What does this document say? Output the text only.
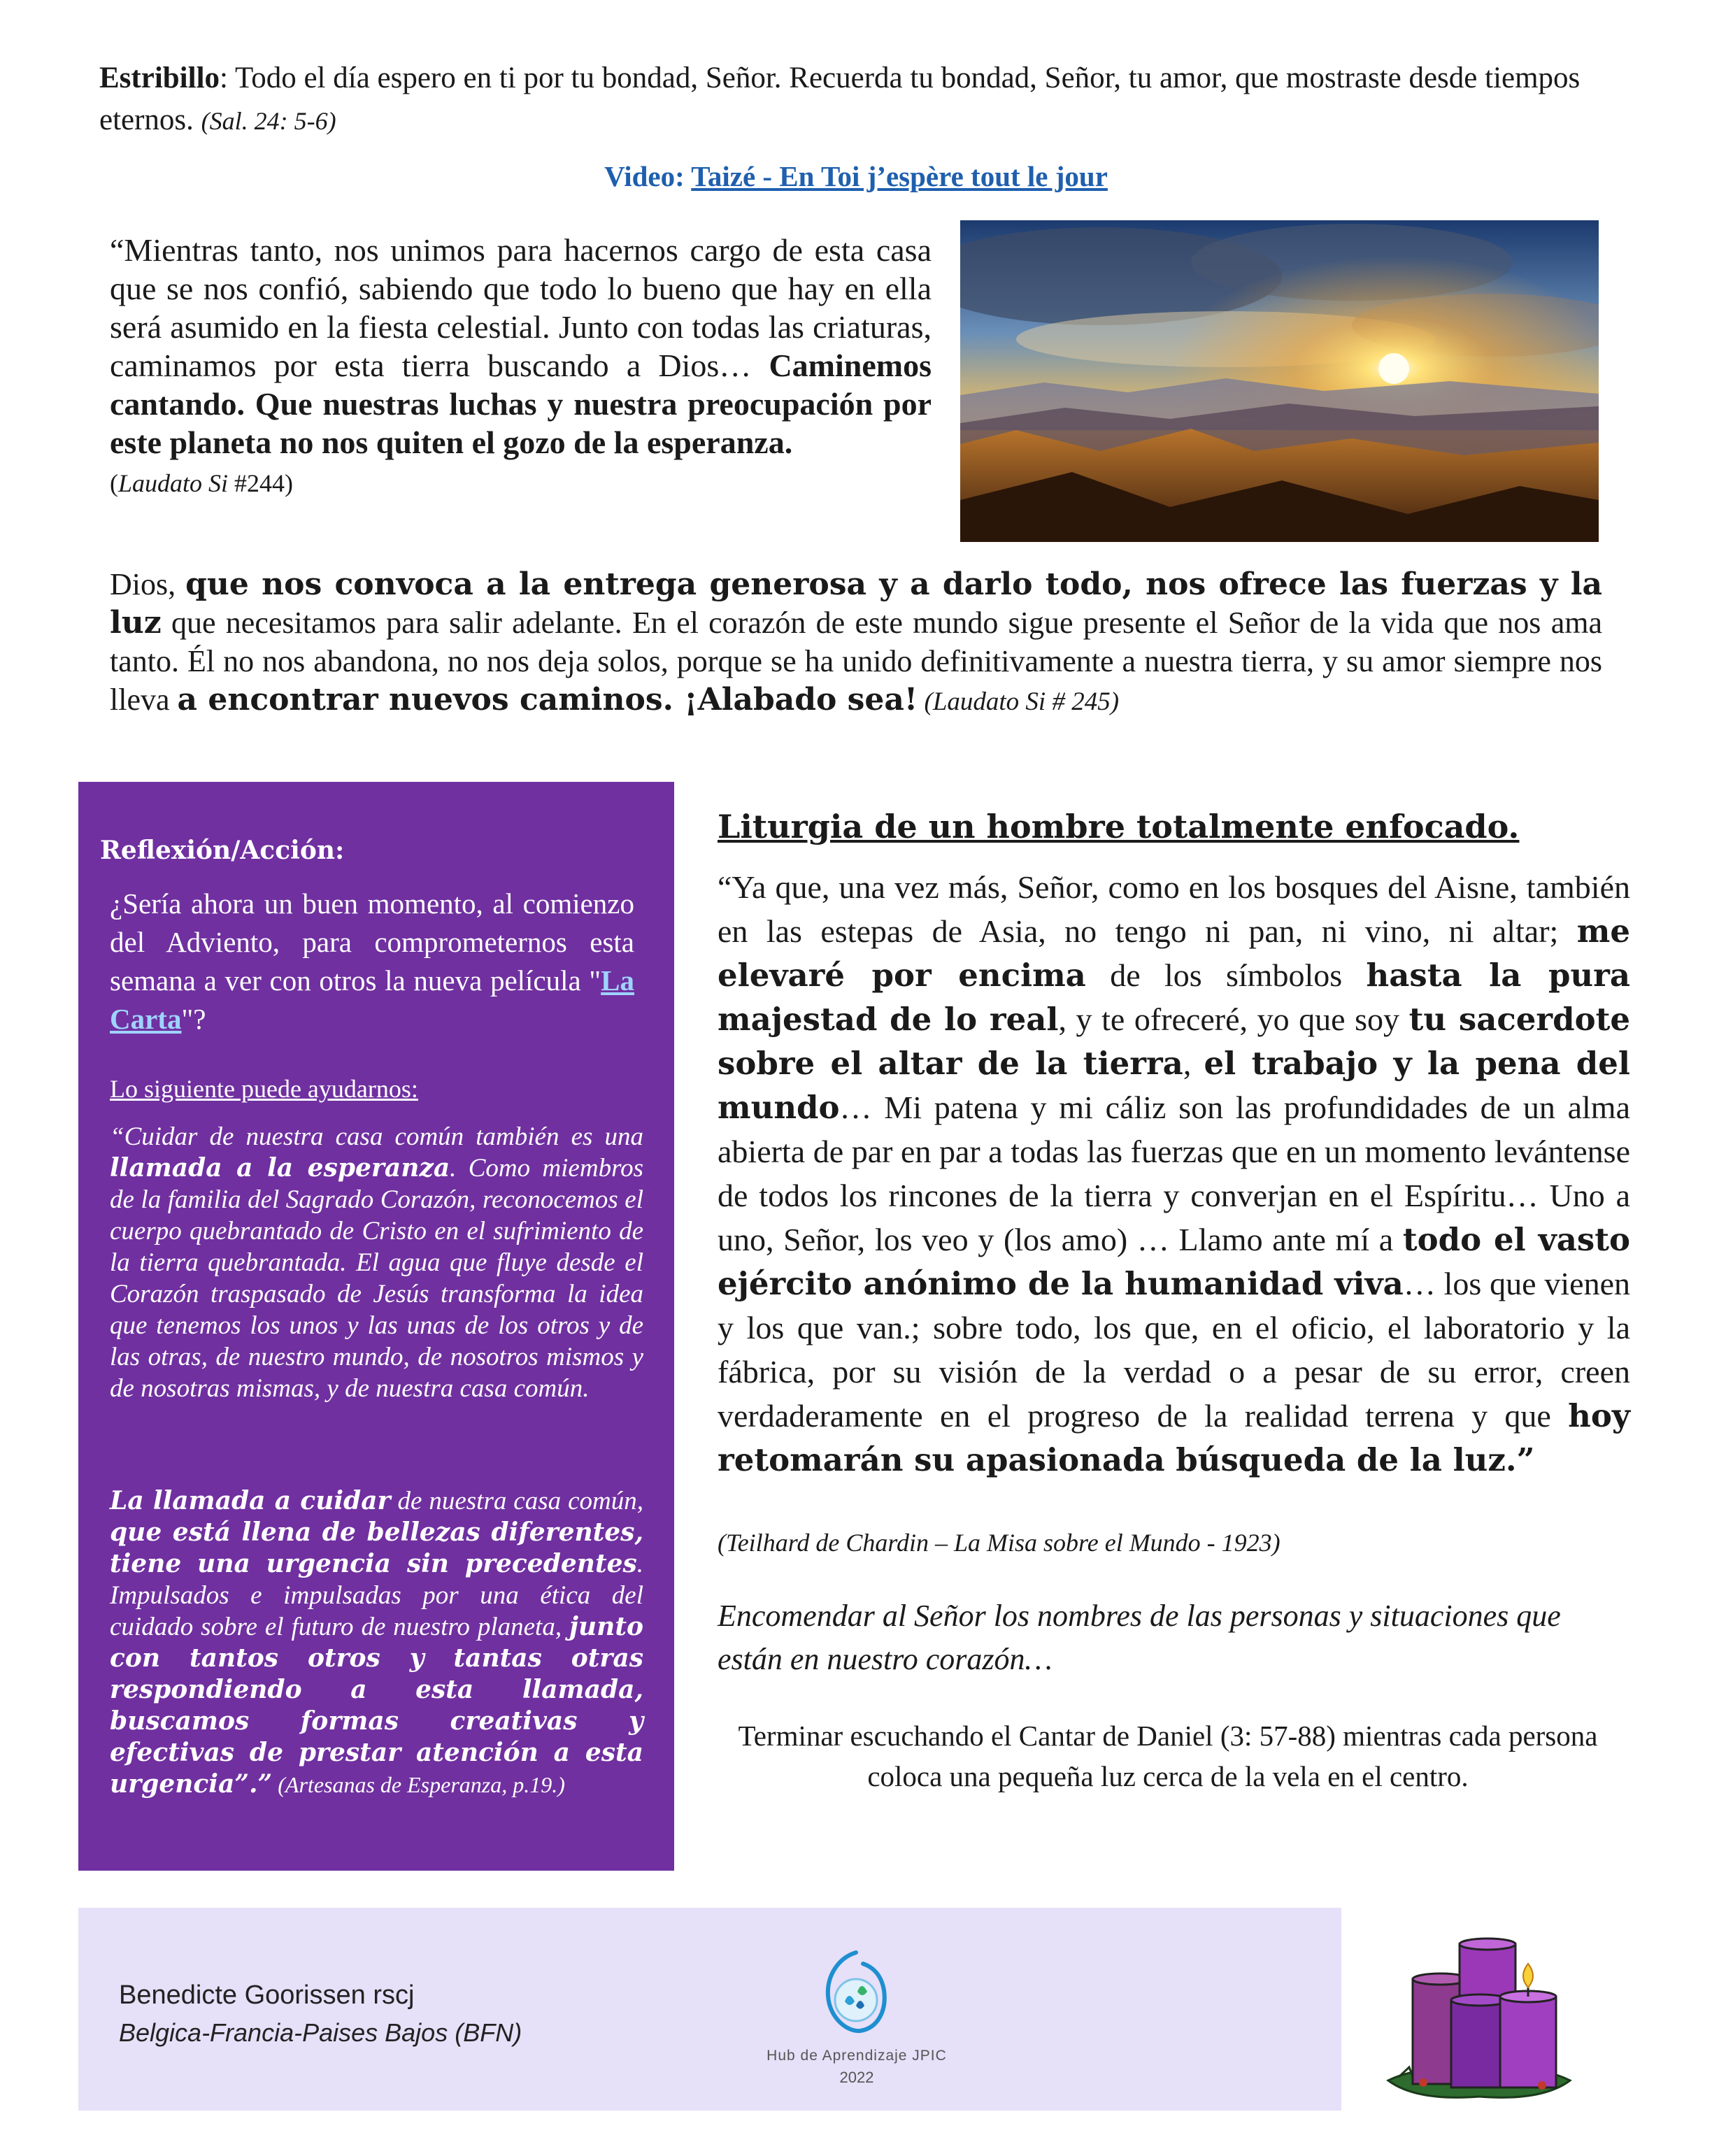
Estribillo: Todo el día espero en ti por tu bondad, Señor. Recuerda tu bondad, Señor, tu amor, que mostraste desde tiempos eternos. (Sal. 24: 5-6)
Video: Taizé - En Toi j’espère tout le jour
“Mientras tanto, nos unimos para hacernos cargo de esta casa que se nos confió, sabiendo que todo lo bueno que hay en ella será asumido en la fiesta celestial. Junto con todas las criaturas, caminamos por esta tierra buscando a Dios… Caminemos cantando. Que nuestras luchas y nuestra preocupación por este planeta no nos quiten el gozo de la esperanza.
(Laudato Si #244)
Dios, que nos convoca a la entrega generosa y a darlo todo, nos ofrece las fuerzas y la luz que necesitamos para salir adelante. En el corazón de este mundo sigue presente el Señor de la vida que nos ama tanto. Él no nos abandona, no nos deja solos, porque se ha unido definitivamente a nuestra tierra, y su amor siempre nos lleva a encontrar nuevos caminos. ¡Alabado sea! (Laudato Si # 245)
Reflexión/Acción:
¿Sería ahora un buen momento, al comienzo del Adviento, para comprometernos esta semana a ver con otros la nueva película "La Carta"?
Lo siguiente puede ayudarnos:
“Cuidar de nuestra casa común también es una llamada a la esperanza. Como miembros de la familia del Sagrado Corazón, reconocemos el cuerpo quebrantado de Cristo en el sufrimiento de la tierra quebrantada. El agua que fluye desde el Corazón traspasado de Jesús transforma la idea que tenemos los unos y las unas de los otros y de las otras, de nuestro mundo, de nosotros mismos y de nosotras mismas, y de nuestra casa común.
La llamada a cuidar de nuestra casa común, que está llena de bellezas diferentes, tiene una urgencia sin precedentes. Impulsados e impulsadas por una ética del cuidado sobre el futuro de nuestro planeta, junto con tantos otros y tantas otras respondiendo a esta llamada, buscamos formas creativas y efectivas de prestar atención a esta urgencia”.” (Artesanas de Esperanza, p.19.)
Liturgia de un hombre totalmente enfocado.
“Ya que, una vez más, Señor, como en los bosques del Aisne, también en las estepas de Asia, no tengo ni pan, ni vino, ni altar; me elevaré por encima de los símbolos hasta la pura majestad de lo real, y te ofreceré, yo que soy tu sacerdote sobre el altar de la tierra, el trabajo y la pena del mundo… Mi patena y mi cáliz son las profundidades de un alma abierta de par en par a todas las fuerzas que en un momento levántense de todos los rincones de la tierra y converjan en el Espíritu… Uno a uno, Señor, los veo y (los amo) … Llamo ante mí a todo el vasto ejército anónimo de la humanidad viva… los que vienen y los que van.; sobre todo, los que, en el oficio, el laboratorio y la fábrica, por su visión de la verdad o a pesar de su error, creen verdaderamente en el progreso de la realidad terrena y que hoy retomarán su apasionada búsqueda de la luz.”
(Teilhard de Chardin – La Misa sobre el Mundo - 1923)
Encomendar al Señor los nombres de las personas y situaciones que están en nuestro corazón…
Terminar escuchando el Cantar de Daniel (3: 57-88) mientras cada persona coloca una pequeña luz cerca de la vela en el centro.
Benedicte Goorissen rscj
Belgica-Francia-Paises Bajos (BFN)
Hub de Aprendizaje JPIC
2022
